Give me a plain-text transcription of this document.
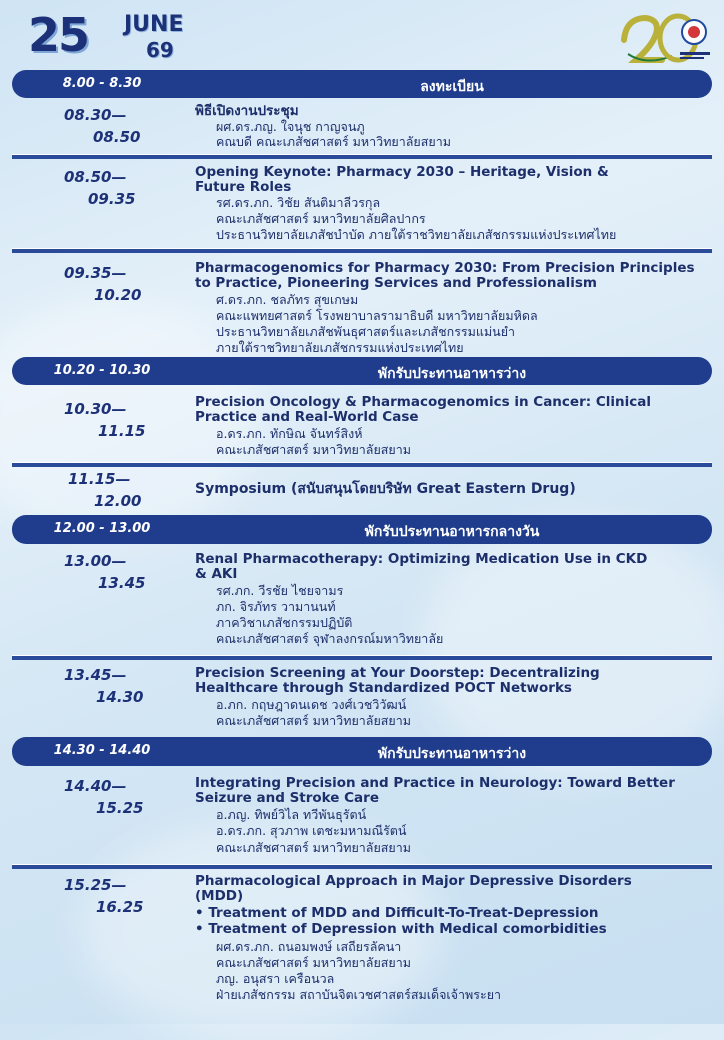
25 JUNE
69
8.00 - 8.30	ลงทะเบียน
08.30—
08.50
พิธีเปิดงานประชุม
ผศ.ดร.ภญ. ใจนุช กาญจนภู
คณบดี คณะเภสัชศาสตร์ มหาวิทยาลัยสยาม
08.50—
09.35
Opening Keynote: Pharmacy 2030 – Heritage, Vision &
Future Roles
รศ.ดร.ภก. วิชัย สันติมาลีวรกุล
คณะเภสัชศาสตร์ มหาวิทยาลัยศิลปากร
ประธานวิทยาลัยเภสัชบำบัด ภายใต้ราชวิทยาลัยเภสัชกรรมแห่งประเทศไทย
09.35—
10.20
Pharmacogenomics for Pharmacy 2030: From Precision Principles
to Practice, Pioneering Services and Professionalism
ศ.ดร.ภก. ชลภัทร สุขเกษม
คณะแพทยศาสตร์ โรงพยาบาลรามาธิบดี มหาวิทยาลัยมหิดล
ประธานวิทยาลัยเภสัชพันธุศาสตร์และเภสัชกรรมแม่นยำ
ภายใต้ราชวิทยาลัยเภสัชกรรมแห่งประเทศไทย
10.20 - 10.30	พักรับประทานอาหารว่าง
10.30—
11.15
Precision Oncology & Pharmacogenomics in Cancer: Clinical
Practice and Real-World Case
อ.ดร.ภก. ทักษิณ จันทร์สิงห์
คณะเภสัชศาสตร์ มหาวิทยาลัยสยาม
11.15—
12.00
Symposium (สนับสนุนโดยบริษัท Great Eastern Drug)
12.00 - 13.00	พักรับประทานอาหารกลางวัน
13.00—
13.45
Renal Pharmacotherapy: Optimizing Medication Use in CKD
& AKI
รศ.ภก. วีรชัย ไชยจามร
ภก. จิรภัทร วามานนท์
ภาควิชาเภสัชกรรมปฏิบัติ
คณะเภสัชศาสตร์ จุฬาลงกรณ์มหาวิทยาลัย
13.45—
14.30
Precision Screening at Your Doorstep: Decentralizing
Healthcare through Standardized POCT Networks
อ.ภก. กฤษฎาดนเดช วงศ์เวชวิวัฒน์
คณะเภสัชศาสตร์ มหาวิทยาลัยสยาม
14.30 - 14.40	พักรับประทานอาหารว่าง
14.40—
15.25
Integrating Precision and Practice in Neurology: Toward Better
Seizure and Stroke Care
อ.ภญ. ทิพย์วิไล ทวีพันธุรัตน์
อ.ดร.ภก. สุวภาพ เตชะมหามณีรัตน์
คณะเภสัชศาสตร์ มหาวิทยาลัยสยาม
15.25—
16.25
Pharmacological Approach in Major Depressive Disorders
(MDD)
• Treatment of MDD and Difficult-To-Treat-Depression
• Treatment of Depression with Medical comorbidities
ผศ.ดร.ภก. ถนอมพงษ์ เสถียรลัคนา
คณะเภสัชศาสตร์ มหาวิทยาลัยสยาม
ภญ. อนุสรา เครือนวล
ฝ่ายเภสัชกรรม สถาบันจิตเวชศาสตร์สมเด็จเจ้าพระยา
